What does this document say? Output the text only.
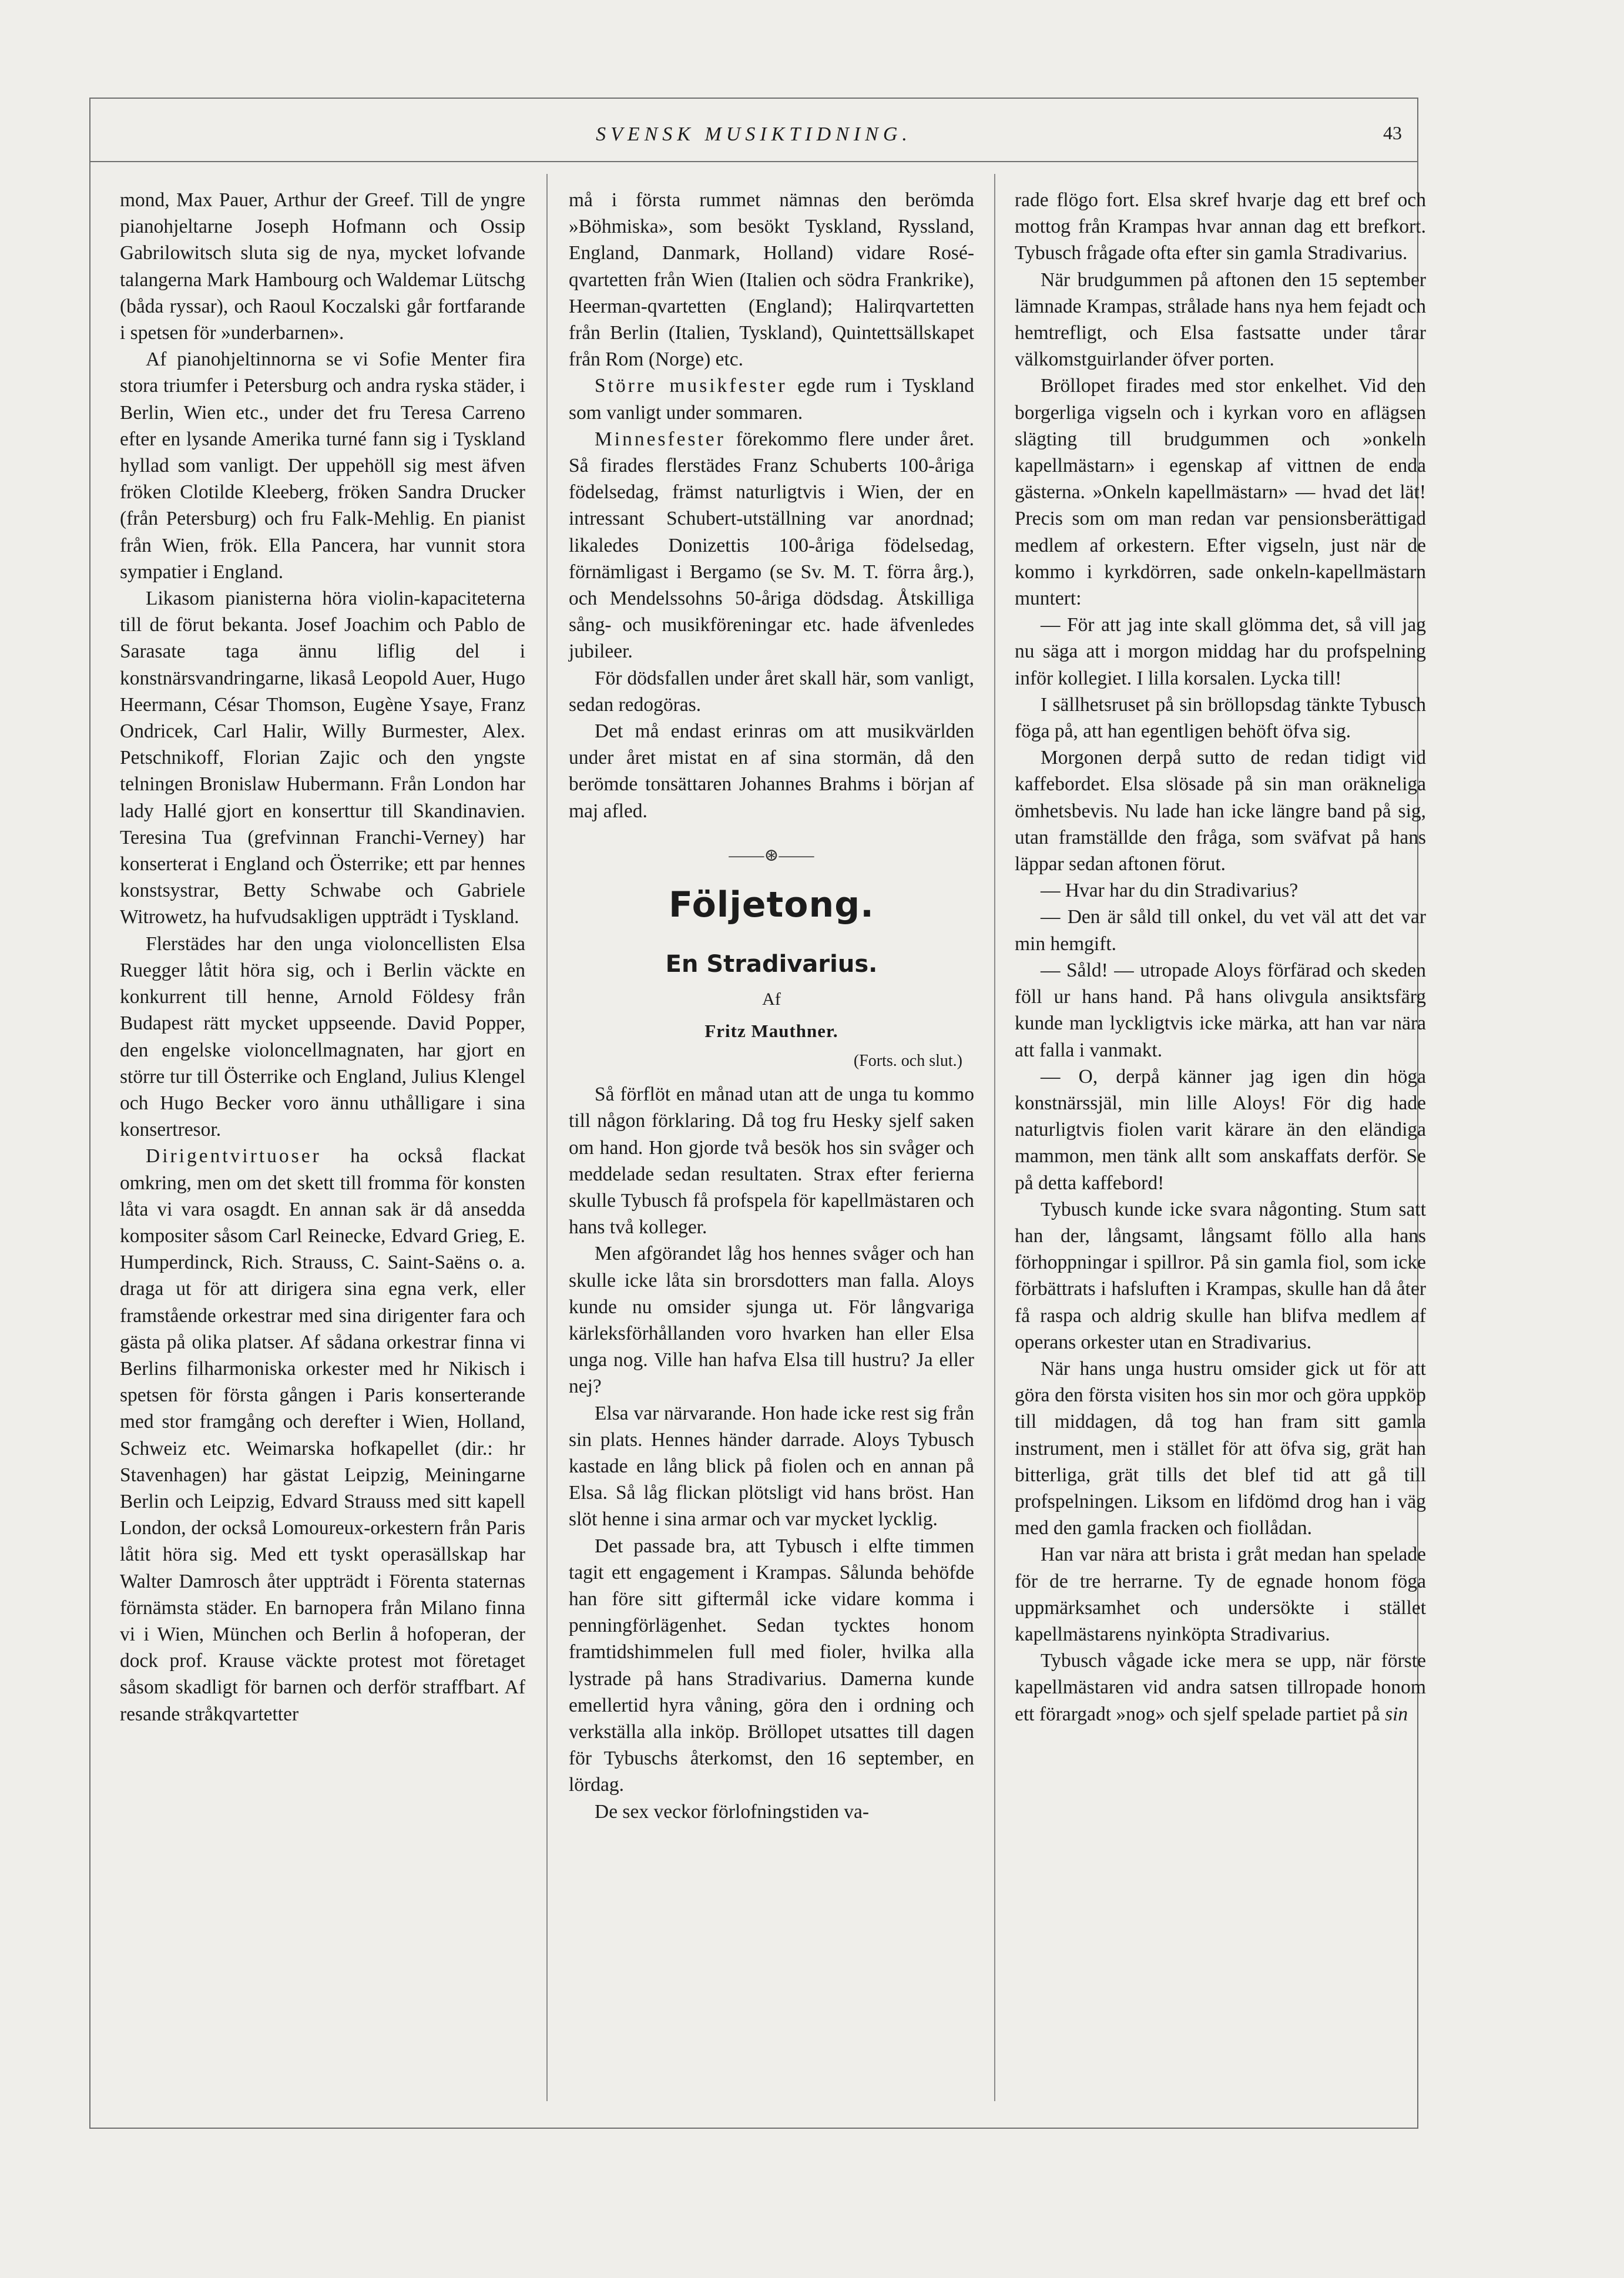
SVENSK MUSIKTIDNING.	43

mond, Max Pauer, Arthur der Greef. Till de yngre pianohjeltarne Joseph Hofmann och Ossip Gabrilowitsch sluta sig de nya, mycket lofvande talangerna Mark Hambourg och Waldemar Lütschg (båda ryssar), och Raoul Koczalski går fortfarande i spetsen för »underbarnen».

Af pianohjeltinnorna se vi Sofie Menter fira stora triumfer i Petersburg och andra ryska städer, i Berlin, Wien etc., under det fru Teresa Carreno efter en lysande Amerika turné fann sig i Tyskland hyllad som vanligt. Der uppehöll sig mest äfven fröken Clotilde Kleeberg, fröken Sandra Drucker (från Petersburg) och fru Falk-Mehlig. En pianist från Wien, frök. Ella Pancera, har vunnit stora sympatier i England.

Likasom pianisterna höra violin-kapaciteterna till de förut bekanta. Josef Joachim och Pablo de Sarasate taga ännu liflig del i konstnärsvandringarne, likaså Leopold Auer, Hugo Heermann, César Thomson, Eugène Ysaye, Franz Ondricek, Carl Halir, Willy Burmester, Alex. Petschnikoff, Florian Zajic och den yngste telningen Bronislaw Hubermann. Från London har lady Hallé gjort en konserttur till Skandinavien. Teresina Tua (grefvinnan Franchi-Verney) har konserterat i England och Österrike; ett par hennes konstsystrar, Betty Schwabe och Gabriele Witrowetz, ha hufvudsakligen uppträdt i Tyskland.

Flerstädes har den unga violoncellisten Elsa Ruegger låtit höra sig, och i Berlin väckte en konkurrent till henne, Arnold Földesy från Budapest rätt mycket uppseende. David Popper, den engelske violoncellmagnaten, har gjort en större tur till Österrike och England, Julius Klengel och Hugo Becker voro ännu uthålligare i sina konsertresor.

Dirigentvirtuoser ha också flackat omkring, men om det skett till fromma för konsten låta vi vara osagdt. En annan sak är då ansedda kompositer såsom Carl Reinecke, Edvard Grieg, E. Humperdinck, Rich. Strauss, C. Saint-Saëns o. a. draga ut för att dirigera sina egna verk, eller framstående orkestrar med sina dirigenter fara och gästa på olika platser. Af sådana orkestrar finna vi Berlins filharmoniska orkester med hr Nikisch i spetsen för första gången i Paris konserterande med stor framgång och derefter i Wien, Holland, Schweiz etc. Weimarska hofkapellet (dir.: hr Stavenhagen) har gästat Leipzig, Meiningarne Berlin och Leipzig, Edvard Strauss med sitt kapell London, der också Lomoureux-orkestern från Paris låtit höra sig. Med ett tyskt operasällskap har Walter Damrosch åter uppträdt i Förenta staternas förnämsta städer. En barnopera från Milano finna vi i Wien, München och Berlin å hofoperan, der dock prof. Krause väckte protest mot företaget såsom skadligt för barnen och derför straffbart. Af resande stråkqvartetter

må i första rummet nämnas den berömda »Böhmiska», som besökt Tyskland, Ryssland, England, Danmark, Holland) vidare Rosé-qvartetten från Wien (Italien och södra Frankrike), Heerman-qvartetten (England); Halirqvartetten från Berlin (Italien, Tyskland), Quintettsällskapet från Rom (Norge) etc.

Större musikfester egde rum i Tyskland som vanligt under sommaren.

Minnesfester förekommo flere under året. Så firades flerstädes Franz Schuberts 100-åriga födelsedag, främst naturligtvis i Wien, der en intressant Schubert-utställning var anordnad; likaledes Donizettis 100-åriga födelsedag, förnämligast i Bergamo (se Sv. M. T. förra årg.), och Mendelssohns 50-åriga dödsdag. Åtskilliga sång- och musikföreningar etc. hade äfvenledes jubileer.

För dödsfallen under året skall här, som vanligt, sedan redogöras.

Det må endast erinras om att musikvärlden under året mistat en af sina stormän, då den berömde tonsättaren Johannes Brahms i början af maj afled.

——⊛——
Följetong.
En Stradivarius.
Af
Fritz Mauthner.
(Forts. och slut.)

Så förflöt en månad utan att de unga tu kommo till någon förklaring. Då tog fru Hesky sjelf saken om hand. Hon gjorde två besök hos sin svåger och meddelade sedan resultaten. Strax efter ferierna skulle Tybusch få profspela för kapellmästaren och hans två kolleger.

Men afgörandet låg hos hennes svåger och han skulle icke låta sin brorsdotters man falla. Aloys kunde nu omsider sjunga ut. För långvariga kärleksförhållanden voro hvarken han eller Elsa unga nog. Ville han hafva Elsa till hustru? Ja eller nej?

Elsa var närvarande. Hon hade icke rest sig från sin plats. Hennes händer darrade. Aloys Tybusch kastade en lång blick på fiolen och en annan på Elsa. Så låg flickan plötsligt vid hans bröst. Han slöt henne i sina armar och var mycket lycklig.

Det passade bra, att Tybusch i elfte timmen tagit ett engagement i Krampas. Sålunda behöfde han före sitt giftermål icke vidare komma i penningförlägenhet. Sedan tycktes honom framtidshimmelen full med fioler, hvilka alla lystrade på hans Stradivarius. Damerna kunde emellertid hyra våning, göra den i ordning och verkställa alla inköp. Bröllopet utsattes till dagen för Tybuschs återkomst, den 16 september, en lördag.

De sex veckor förlofningstiden va-

rade flögo fort. Elsa skref hvarje dag ett bref och mottog från Krampas hvar annan dag ett brefkort. Tybusch frågade ofta efter sin gamla Stradivarius.

När brudgummen på aftonen den 15 september lämnade Krampas, strålade hans nya hem fejadt och hemtrefligt, och Elsa fastsatte under tårar välkomstguirlander öfver porten.

Bröllopet firades med stor enkelhet. Vid den borgerliga vigseln och i kyrkan voro en aflägsen slägting till brudgummen och »onkeln kapellmästarn» i egenskap af vittnen de enda gästerna. »Onkeln kapellmästarn» — hvad det lät! Precis som om man redan var pensionsberättigad medlem af orkestern. Efter vigseln, just när de kommo i kyrkdörren, sade onkeln-kapellmästarn muntert:

— För att jag inte skall glömma det, så vill jag nu säga att i morgon middag har du profspelning inför kollegiet. I lilla korsalen. Lycka till!

I sällhetsruset på sin bröllopsdag tänkte Tybusch föga på, att han egentligen behöft öfva sig.

Morgonen derpå sutto de redan tidigt vid kaffebordet. Elsa slösade på sin man oräkneliga ömhetsbevis. Nu lade han icke längre band på sig, utan framställde den fråga, som sväfvat på hans läppar sedan aftonen förut.

— Hvar har du din Stradivarius?

— Den är såld till onkel, du vet väl att det var min hemgift.

— Såld! — utropade Aloys förfärad och skeden föll ur hans hand. På hans olivgula ansiktsfärg kunde man lyckligtvis icke märka, att han var nära att falla i vanmakt.

— O, derpå känner jag igen din höga konstnärssjäl, min lille Aloys! För dig hade naturligtvis fiolen varit kärare än den eländiga mammon, men tänk allt som anskaffats derför. Se på detta kaffebord!

Tybusch kunde icke svara någonting. Stum satt han der, långsamt, långsamt föllo alla hans förhoppningar i spillror. På sin gamla fiol, som icke förbättrats i hafsluften i Krampas, skulle han då åter få raspa och aldrig skulle han blifva medlem af operans orkester utan en Stradivarius.

När hans unga hustru omsider gick ut för att göra den första visiten hos sin mor och göra uppköp till middagen, då tog han fram sitt gamla instrument, men i stället för att öfva sig, grät han bitterliga, grät tills det blef tid att gå till profspelningen. Liksom en lifdömd drog han i väg med den gamla fracken och fiollådan.

Han var nära att brista i gråt medan han spelade för de tre herrarne. Ty de egnade honom föga uppmärksamhet och undersökte i stället kapellmästarens nyinköpta Stradivarius.

Tybusch vågade icke mera se upp, när förste kapellmästaren vid andra satsen tillropade honom ett förargadt »nog» och sjelf spelade partiet på sin
